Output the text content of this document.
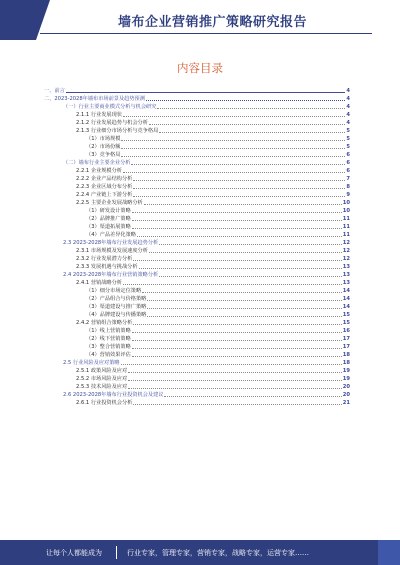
墙布企业营销推广策略研究报告
内容目录
一、前言	4
二、2023-2028年墙布市场前景及趋势预测	4
（一）行业主要商业模式分析与机会研究	4
2.1.1 行业发展现状	4
2.1.2 行业发展趋势与机会分析	4
2.1.3 行业细分市场分析与竞争格局	5
（1）市场规模	5
（2）市场份额	5
（3）竞争格局	6
（二）墙布行业主要企业分析	6
2.2.1 企业规模分析	6
2.2.2 企业产品结构分析	7
2.2.3 企业区域分布分析	8
2.2.4 产业链上下游分析	9
2.2.5 主要企业发展战略分析	10
（1）研发设计策略	10
（2）品牌推广策略	11
（3）渠道拓展策略	11
（4）产品差异化策略	11
2.3 2023-2028年墙布行业发展趋势分析	12
2.3.1 市场规模及发展速度分析	12
2.3.2 行业发展潜力分析	12
2.3.3 发展机遇与挑战分析	13
2.4 2023-2028年墙布行业营销策略分析	13
2.4.1 营销战略分析	13
（1）细分市场定位策略	14
（2）产品组合与价格策略	14
（3）渠道建设与推广策略	14
（4）品牌建设与传播策略	15
2.4.2 营销组合策略分析	15
（1）线上营销策略	16
（2）线下营销策略	17
（3）整合营销策略	17
（4）营销效果评估	18
2.5 行业风险及应对策略	18
2.5.1 政策风险及应对	19
2.5.2 市场风险及应对	19
2.5.3 技术风险及应对	20
2.6 2023-2028年墙布行业投资机会及建议	20
2.6.1 行业投资机会分析	21
让每个人都能成为	行业专家，管理专家，营销专家，战略专家，运营专家……
